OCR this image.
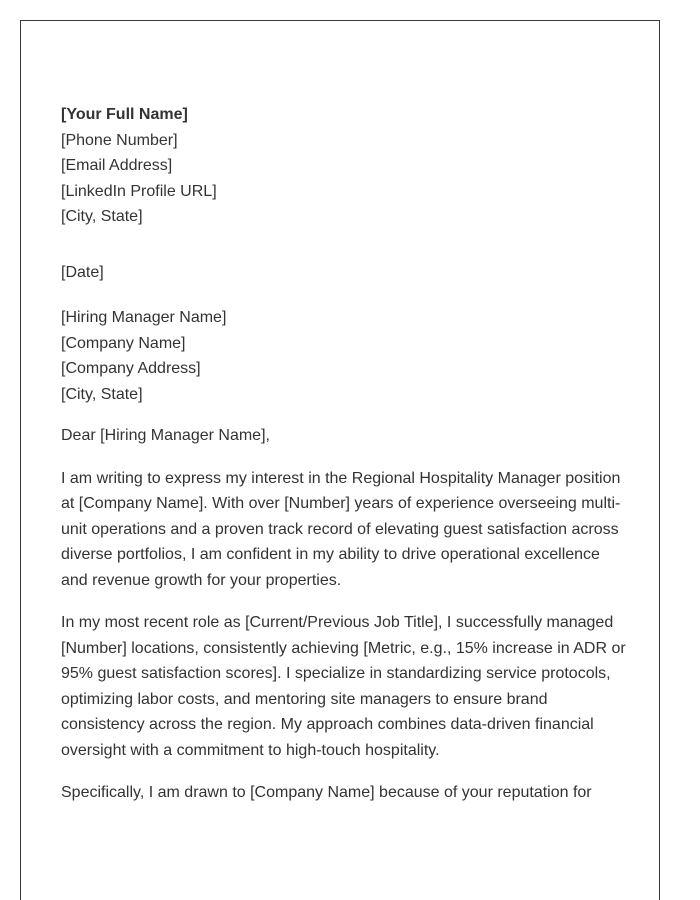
[Your Full Name]
[Phone Number]
[Email Address]
[LinkedIn Profile URL]
[City, State]
[Date]
[Hiring Manager Name]
[Company Name]
[Company Address]
[City, State]
Dear [Hiring Manager Name],

I am writing to express my interest in the Regional Hospitality Manager position at [Company Name]. With over [Number] years of experience overseeing multi-unit operations and a proven track record of elevating guest satisfaction across diverse portfolios, I am confident in my ability to drive operational excellence and revenue growth for your properties.

In my most recent role as [Current/Previous Job Title], I successfully managed [Number] locations, consistently achieving [Metric, e.g., 15% increase in ADR or 95% guest satisfaction scores]. I specialize in standardizing service protocols, optimizing labor costs, and mentoring site managers to ensure brand consistency across the region. My approach combines data-driven financial oversight with a commitment to high-touch hospitality.

Specifically, I am drawn to [Company Name] because of your reputation for
